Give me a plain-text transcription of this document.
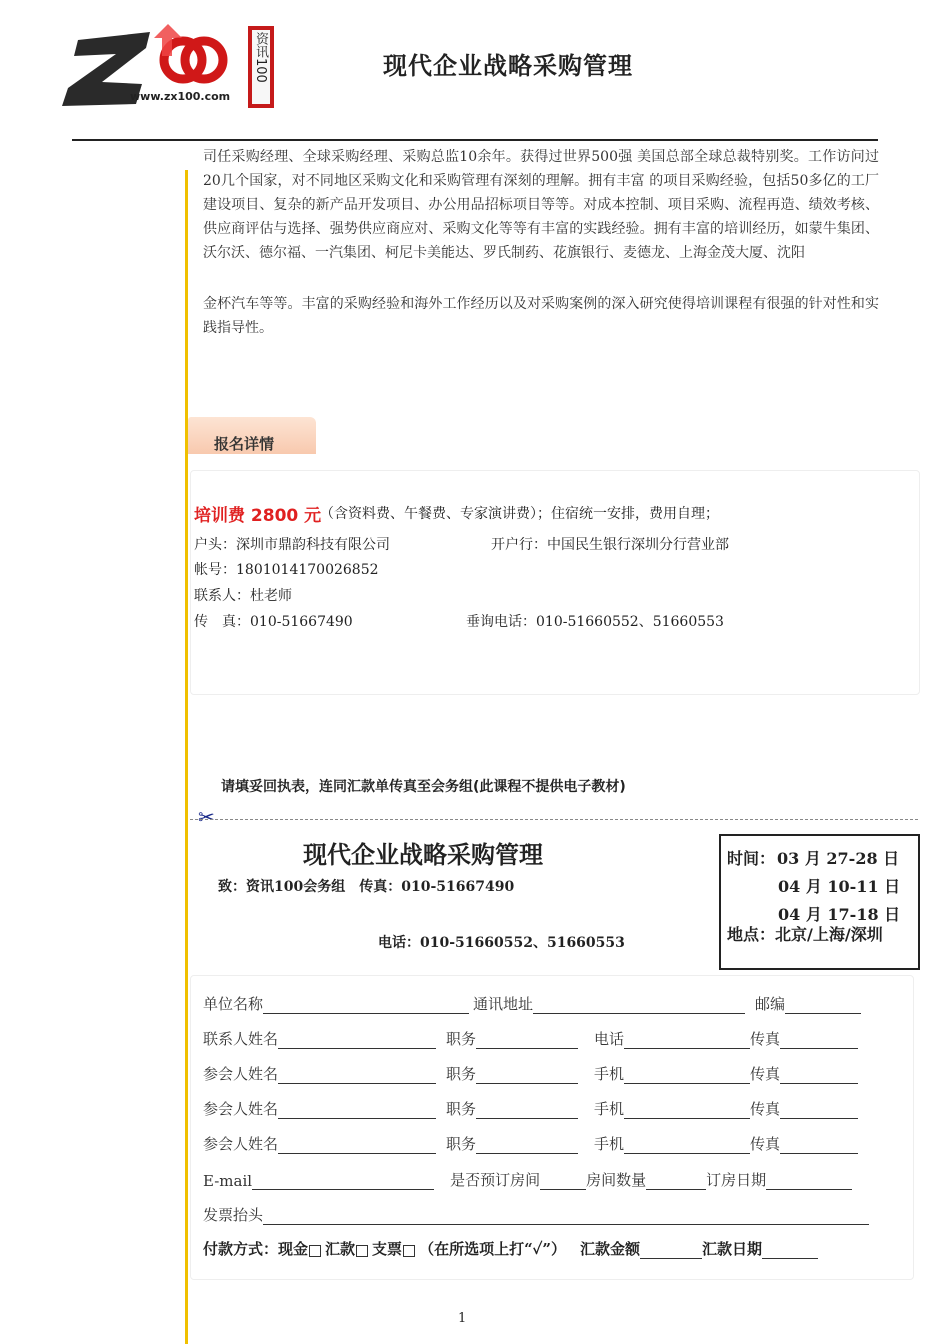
www.zx100.com
资讯100	现代企业战略采购管理
司任采购经理、全球采购经理、采购总监10余年。获得过世界500强 美国总部全球总裁特别奖。工作访问过20几个国家，对不同地区采购文化和采购管理有深刻的理解。拥有丰富 的项目采购经验，包括50多亿的工厂建设项目、复杂的新产品开发项目、办公用品招标项目等等。对成本控制、项目采购、流程再造、绩效考核、供应商评估与选择、强势供应商应对、采购文化等等有丰富的实践经验。拥有丰富的培训经历，如蒙牛集团、沃尔沃、德尔福、一汽集团、柯尼卡美能达、罗氏制药、花旗银行、麦德龙、上海金茂大厦、沈阳
金杯汽车等等。丰富的采购经验和海外工作经历以及对采购案例的深入研究使得培训课程有很强的针对性和实践指导性。
报名详情
培训费 2800 元
（含资料费、午餐费、专家演讲费）；住宿统一安排，费用自理；
户头：深圳市鼎韵科技有限公司	开户行：中国民生银行深圳分行营业部
帐号：1801014170026852
联系人：杜老师
传　真：010-51667490	垂询电话：010-51660552、51660553
请填妥回执表，连同汇款单传真至会务组(此课程不提供电子教材)
✂
现代企业战略采购管理
致：资讯100会务组　传真：010-51667490
电话：010-51660552、51660553
时间： 03 月 27-28 日
04 月 10-11 日
04 月 17-18 日
地点：北京/上海/深圳
单位名称	通讯地址	邮编
联系人姓名	职务	电话	传真
参会人姓名	职务	手机	传真
参会人姓名	职务	手机	传真
参会人姓名	职务	手机	传真
E-mail	是否预订房间	房间数量	订房日期
发票抬头
付款方式： 现金 汇款 支票 （在所选项上打“✓”） 汇款金额	汇款日期
1
